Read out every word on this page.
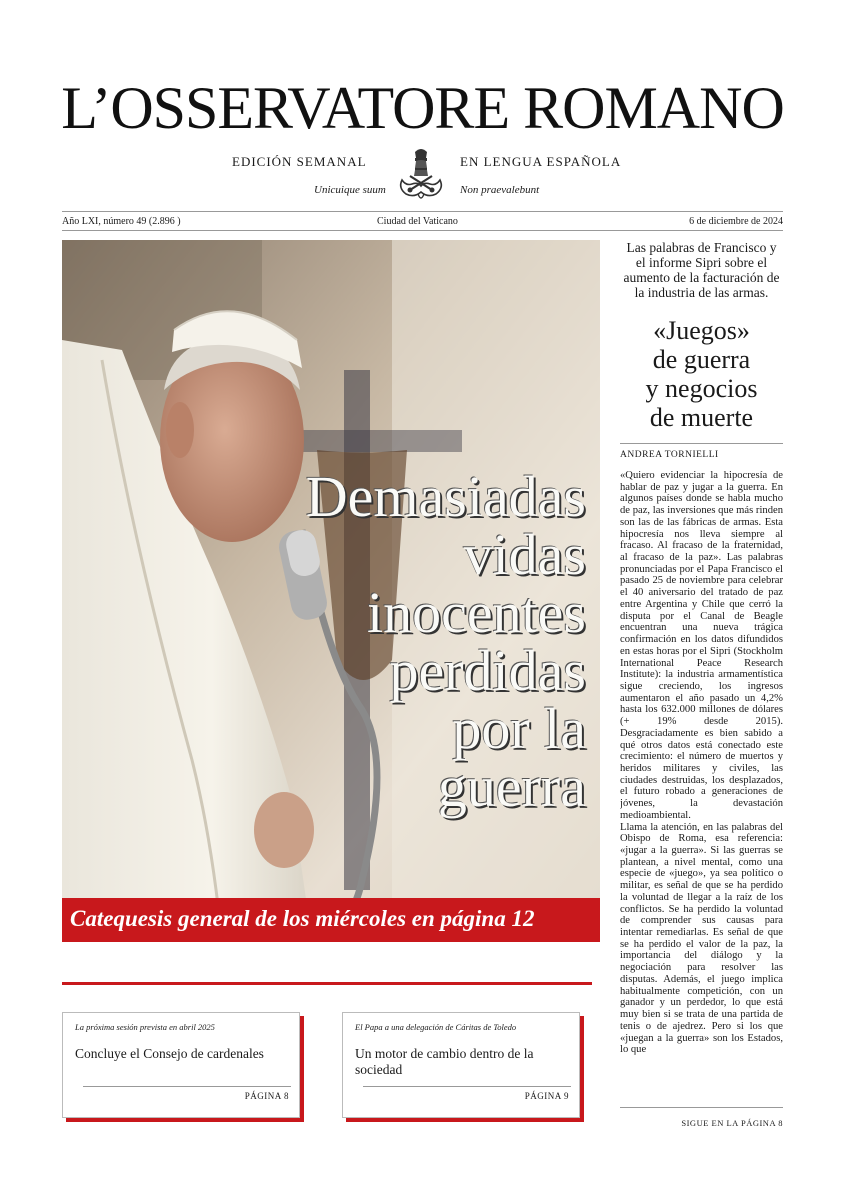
L’OSSERVATORE ROMANO
EDICIÓN SEMANAL	EN LENGUA ESPAÑOLA
Unicuique suum	Non praevalebunt
Año LXI, número 49 (2.896 )	Ciudad del Vaticano	6 de diciembre de 2024
Demasiadas
vidas
inocentes
perdidas
por la
guerra
Catequesis general de los miércoles en página 12
Las palabras de Francisco y el informe Sipri sobre el aumento de la facturación de la industria de las armas.
«Juegos»
de guerra
y negocios
de muerte
ANDREA TORNIELLI

«Quiero evidenciar la hipocresía de hablar de paz y jugar a la guerra. En algunos países donde se habla mucho de paz, las inversiones que más rinden son las de las fábricas de armas. Esta hipocresía nos lleva siempre al fracaso. Al fracaso de la fraternidad, al fracaso de la paz». Las palabras pronunciadas por el Papa Francisco el pasado 25 de noviembre para celebrar el 40 aniversario del tratado de paz entre Argentina y Chile que cerró la disputa por el Canal de Beagle encuentran una nueva trágica confirmación en los datos difundidos en estas horas por el Sipri (Stockholm International Peace Research Institute): la industria armamentística sigue creciendo, los ingresos aumentaron el año pasado un 4,2% hasta los 632.000 millones de dólares (+ 19% desde 2015). Desgraciadamente es bien sabido a qué otros datos está conectado este crecimiento: el número de muertos y heridos militares y civiles, las ciudades destruidas, los desplazados, el futuro robado a generaciones de jóvenes, la devastación medioambiental.

Llama la atención, en las palabras del Obispo de Roma, esa referencia: «jugar a la guerra». Si las guerras se plantean, a nivel mental, como una especie de «juego», ya sea político o militar, es señal de que se ha perdido la voluntad de llegar a la raíz de los conflictos. Se ha perdido la voluntad de comprender sus causas para intentar remediarlas. Es señal de que se ha perdido el valor de la paz, la importancia del diálogo y la negociación para resolver las disputas. Además, el juego implica habitualmente competición, con un ganador y un perdedor, lo que está muy bien si se trata de una partida de tenis o de ajedrez. Pero si los que «juegan a la guerra» son los Estados, lo que

SIGUE EN LA PÁGINA 8
La próxima sesión prevista en abril 2025
Concluye el Consejo de cardenales
PÁGINA 8
El Papa a una delegación de Cáritas de Toledo
Un motor de cambio dentro de la sociedad
PÁGINA 9
